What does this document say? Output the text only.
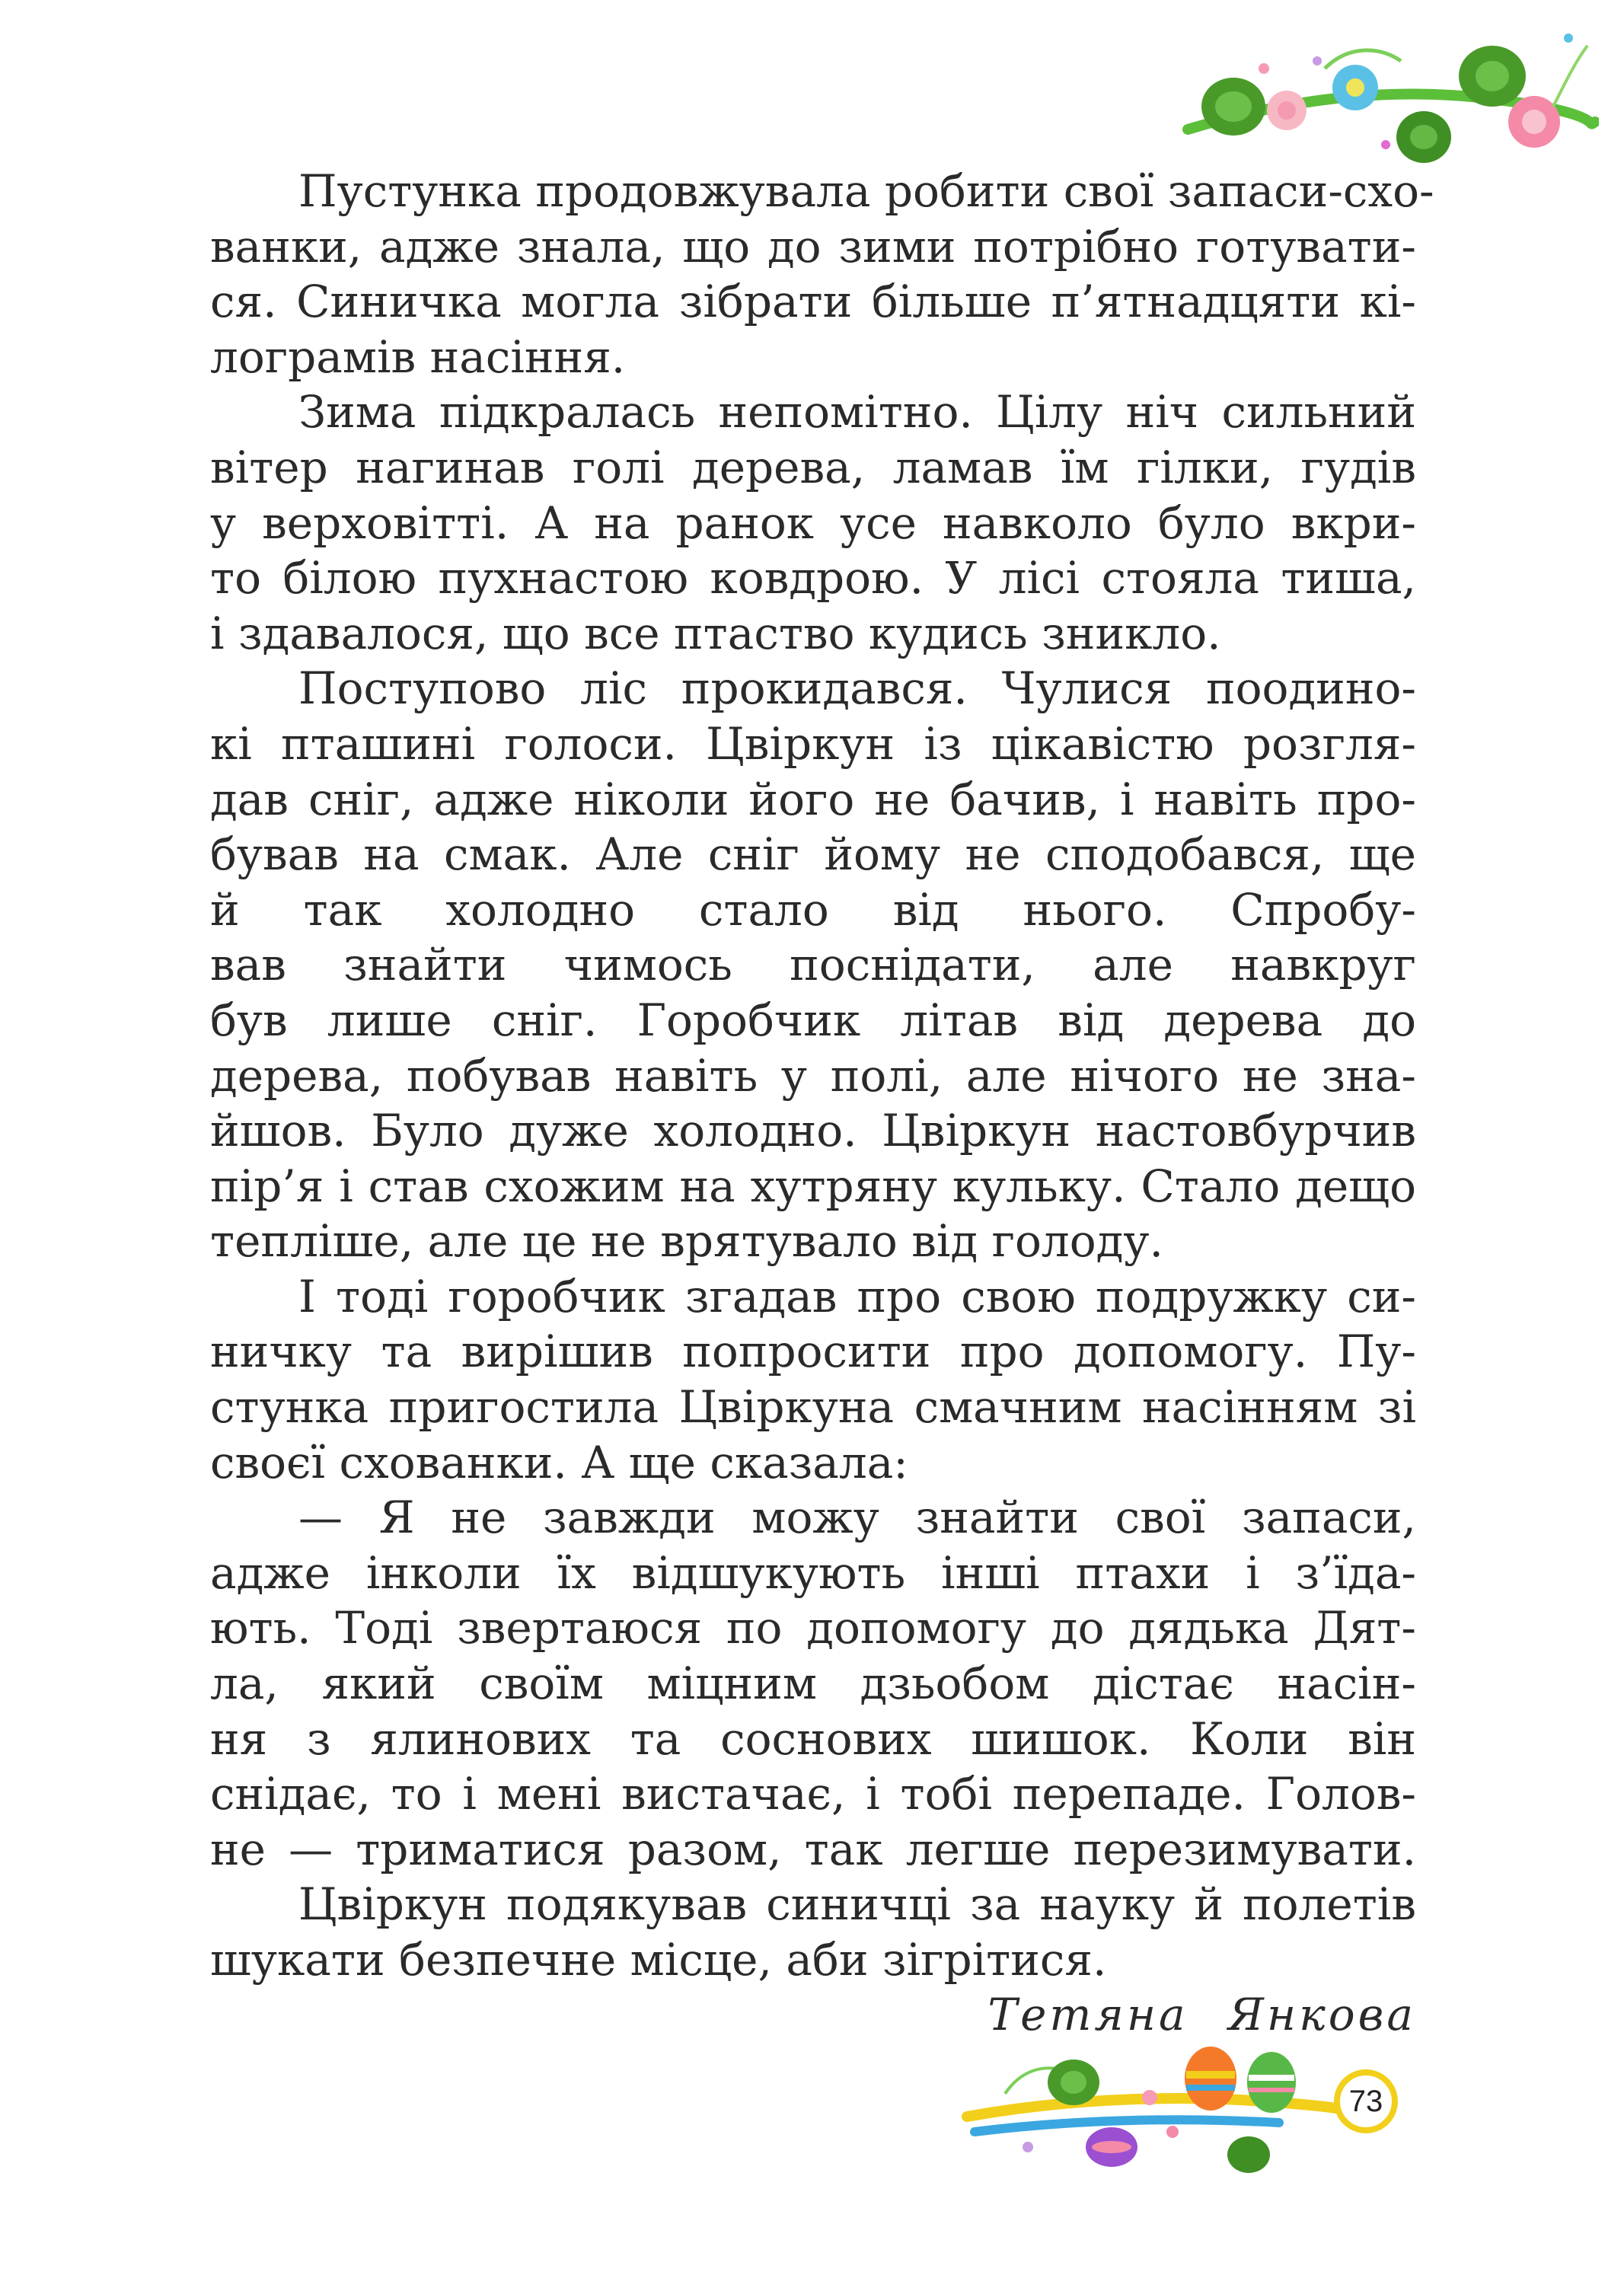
Пустунка продовжувала робити свої запаси-схо-
ванки, адже знала, що до зими потрібно готувати-
ся. Синичка могла зібрати більше п’ятнадцяти кі-
лограмів насіння.

Зима підкралась непомітно. Цілу ніч сильний
вітер нагинав голі дерева, ламав їм гілки, гудів
у верховітті. А на ранок усе навколо було вкри-
то білою пухнастою ковдрою. У лісі стояла тиша,
і здавалося, що все птаство кудись зникло.

Поступово ліс прокидався. Чулися поодино-
кі пташині голоси. Цвіркун із цікавістю розгля-
дав сніг, адже ніколи його не бачив, і навіть про-
бував на смак. Але сніг йому не сподобався, ще
й так холодно стало від нього. Спробу-
вав знайти чимось поснідати, але навкруг
був лише сніг. Горобчик літав від дерева до
дерева, побував навіть у полі, але нічого не зна-
йшов. Було дуже холодно. Цвіркун настовбурчив
пір’я і став схожим на хутряну кульку. Стало дещо
тепліше, але це не врятувало від голоду.

І тоді горобчик згадав про свою подружку си-
ничку та вирішив попросити про допомогу. Пу-
стунка пригостила Цвіркуна смачним насінням зі
своєї схованки. А ще сказала:

— Я не завжди можу знайти свої запаси,
адже інколи їх відшукують інші птахи і з’їда-
ють. Тоді звертаюся по допомогу до дядька Дят-
ла, який своїм міцним дзьобом дістає насін-
ня з ялинових та соснових шишок. Коли він
снідає, то і мені вистачає, і тобі перепаде. Голов-
не — триматися разом, так легше перезимувати.

Цвіркун подякував синичці за науку й полетів
шукати безпечне місце, аби зігрітися.

Тетяна Янкова
73
